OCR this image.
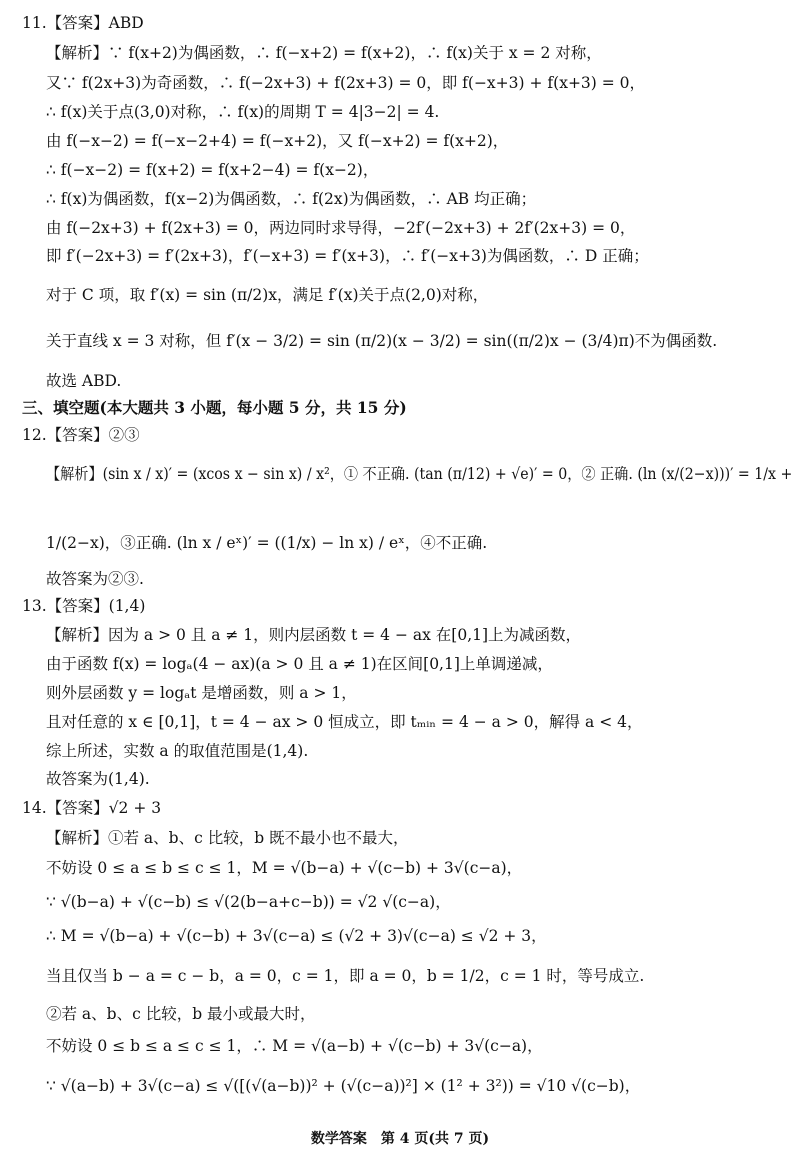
11.【答案】ABD
【解析】∵ f(x+2)为偶函数，∴ f(−x+2) = f(x+2)，∴ f(x)关于 x = 2 对称，
又∵ f(2x+3)为奇函数，∴ f(−2x+3) + f(2x+3) = 0，即 f(−x+3) + f(x+3) = 0，
∴ f(x)关于点(3,0)对称，∴ f(x)的周期 T = 4|3−2| = 4.
由 f(−x−2) = f(−x−2+4) = f(−x+2)，又 f(−x+2) = f(x+2)，
∴ f(−x−2) = f(x+2) = f(x+2−4) = f(x−2)，
∴ f(x)为偶函数，f(x−2)为偶函数，∴ f(2x)为偶函数，∴ AB 均正确；
由 f(−2x+3) + f(2x+3) = 0，两边同时求导得，−2f′(−2x+3) + 2f′(2x+3) = 0，
即 f′(−2x+3) = f′(2x+3)，f′(−x+3) = f′(x+3)，∴ f′(−x+3)为偶函数，∴ D 正确；
对于 C 项，取 f′(x) = sin (π/2)x，满足 f′(x)关于点(2,0)对称，
关于直线 x = 3 对称，但 f′(x − 3/2) = sin (π/2)(x − 3/2) = sin((π/2)x − (3/4)π)不为偶函数.
故选 ABD.
三、填空题(本大题共 3 小题，每小题 5 分，共 15 分)
12.【答案】②③
【解析】(sin x / x)′ = (xcos x − sin x) / x²，① 不正确. (tan (π/12) + √e)′ = 0，② 正确. (ln (x/(2−x)))′ = 1/x +
1/(2−x)，③正确. (ln x / eˣ)′ = ((1/x) − ln x) / eˣ，④不正确.
故答案为②③.
13.【答案】(1,4)
【解析】因为 a > 0 且 a ≠ 1，则内层函数 t = 4 − ax 在[0,1]上为减函数，
由于函数 f(x) = logₐ(4 − ax)(a > 0 且 a ≠ 1)在区间[0,1]上单调递减，
则外层函数 y = logₐt 是增函数，则 a > 1，
且对任意的 x ∈ [0,1]，t = 4 − ax > 0 恒成立，即 tₘᵢₙ = 4 − a > 0，解得 a < 4，
综上所述，实数 a 的取值范围是(1,4).
故答案为(1,4).
14.【答案】√2 + 3
【解析】①若 a、b、c 比较，b 既不最小也不最大，
不妨设 0 ≤ a ≤ b ≤ c ≤ 1，M = √(b−a) + √(c−b) + 3√(c−a)，
∵ √(b−a) + √(c−b) ≤ √(2(b−a+c−b)) = √2 √(c−a)，
∴ M = √(b−a) + √(c−b) + 3√(c−a) ≤ (√2 + 3)√(c−a) ≤ √2 + 3，
当且仅当 b − a = c − b，a = 0，c = 1，即 a = 0，b = 1/2，c = 1 时，等号成立.
②若 a、b、c 比较，b 最小或最大时，
不妨设 0 ≤ b ≤ a ≤ c ≤ 1，∴ M = √(a−b) + √(c−b) + 3√(c−a)，
∵ √(a−b) + 3√(c−a) ≤ √([(√(a−b))² + (√(c−a))²] × (1² + 3²)) = √10 √(c−b)，
数学答案　第 4 页(共 7 页)
